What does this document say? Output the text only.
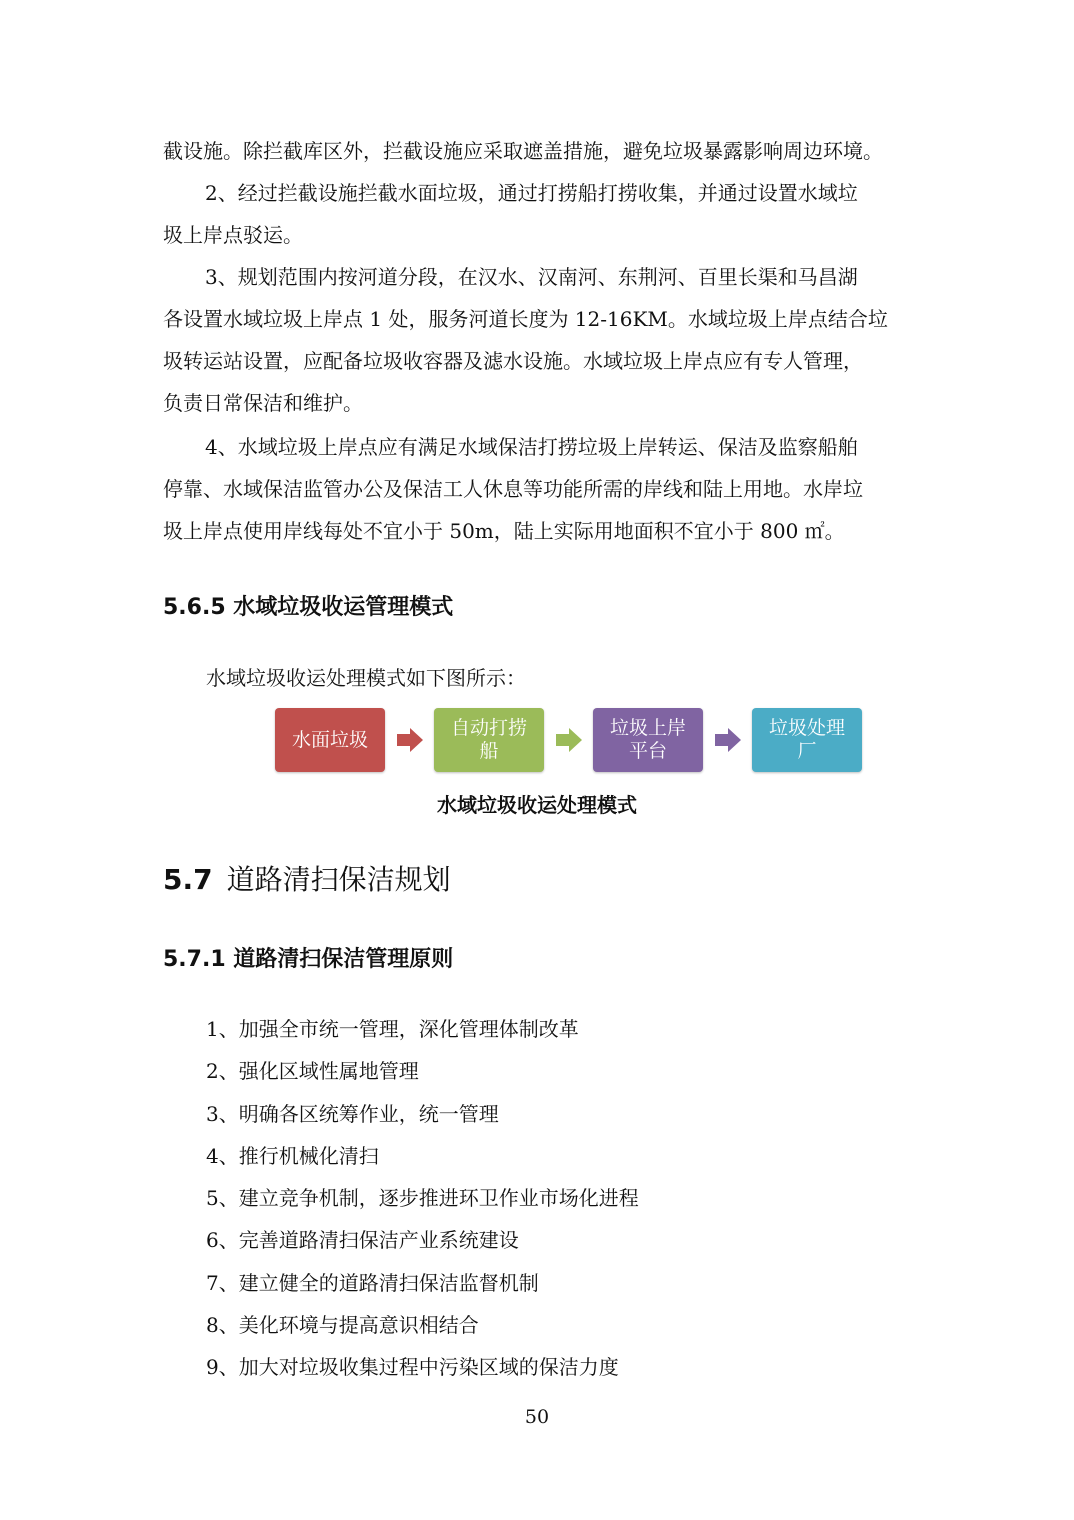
截设施。除拦截库区外，拦截设施应采取遮盖措施，避免垃圾暴露影响周边环境。
2、经过拦截设施拦截水面垃圾，通过打捞船打捞收集，并通过设置水域垃
圾上岸点驳运。
3、规划范围内按河道分段，在汉水、汉南河、东荆河、百里长渠和马昌湖
各设置水域垃圾上岸点 1 处，服务河道长度为 12-16KM。水域垃圾上岸点结合垃
圾转运站设置，应配备垃圾收容器及滤水设施。水域垃圾上岸点应有专人管理，
负责日常保洁和维护。
4、水域垃圾上岸点应有满足水域保洁打捞垃圾上岸转运、保洁及监察船舶
停靠、水域保洁监管办公及保洁工人休息等功能所需的岸线和陆上用地。水岸垃
圾上岸点使用岸线每处不宜小于 50m，陆上实际用地面积不宜小于 800 ㎡。
5.6.5 水域垃圾收运管理模式
水域垃圾收运处理模式如下图所示：
水面垃圾
自动打捞
船
垃圾上岸
平台
垃圾处理
厂
水域垃圾收运处理模式
5.7 道路清扫保洁规划
5.7.1 道路清扫保洁管理原则
1、加强全市统一管理，深化管理体制改革
2、强化区域性属地管理
3、明确各区统筹作业，统一管理
4、推行机械化清扫
5、建立竞争机制，逐步推进环卫作业市场化进程
6、完善道路清扫保洁产业系统建设
7、建立健全的道路清扫保洁监督机制
8、美化环境与提高意识相结合
9、加大对垃圾收集过程中污染区域的保洁力度
50
